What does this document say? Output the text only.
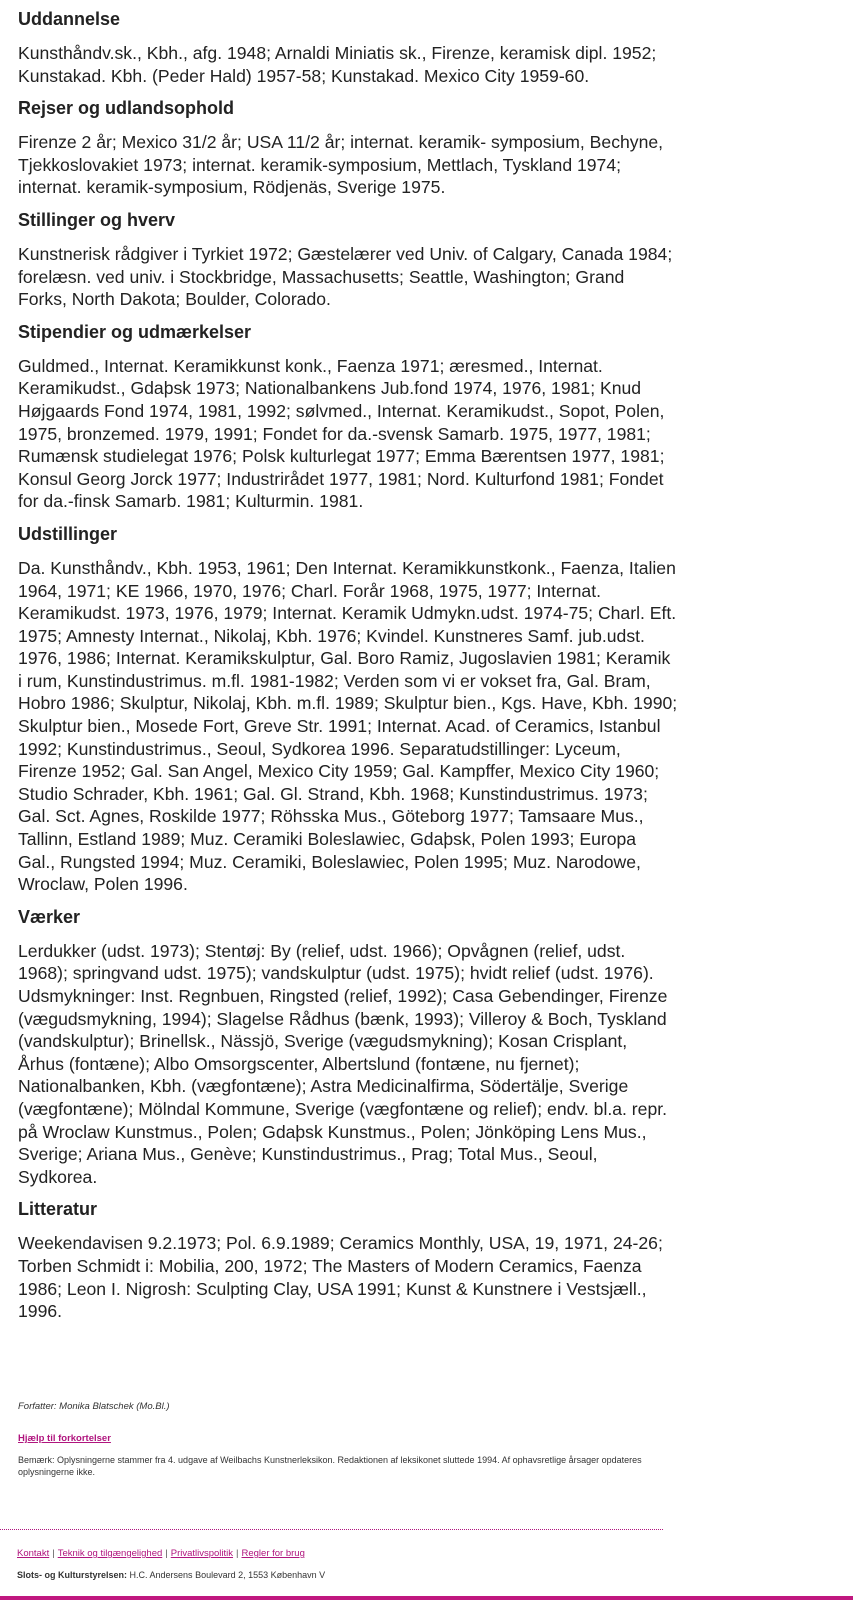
Uddannelse

Kunsthåndv.sk., Kbh., afg. 1948; Arnaldi Miniatis sk., Firenze, keramisk dipl. 1952; Kunstakad. Kbh. (Peder Hald) 1957-58; Kunstakad. Mexico City 1959-60.

Rejser og udlandsophold

Firenze 2 år; Mexico 31/2 år; USA 11/2 år; internat. keramik- symposium, Bechyne, Tjekkoslovakiet 1973; internat. keramik-symposium, Mettlach, Tyskland 1974; internat. keramik-symposium, Rödjenäs, Sverige 1975.

Stillinger og hverv

Kunstnerisk rådgiver i Tyrkiet 1972; Gæstelærer ved Univ. of Calgary, Canada 1984; forelæsn. ved univ. i Stockbridge, Massachusetts; Seattle, Washington; Grand Forks, North Dakota; Boulder, Colorado.

Stipendier og udmærkelser

Guldmed., Internat. Keramikkunst konk., Faenza 1971; æresmed., Internat. Keramikudst., Gdaþsk 1973; Nationalbankens Jub.fond 1974, 1976, 1981; Knud Højgaards Fond 1974, 1981, 1992; sølvmed., Internat. Keramikudst., Sopot, Polen, 1975, bronzemed. 1979, 1991; Fondet for da.-svensk Samarb. 1975, 1977, 1981; Rumænsk studielegat 1976; Polsk kulturlegat 1977; Emma Bærentsen 1977, 1981; Konsul Georg Jorck 1977; Industrirådet 1977, 1981; Nord. Kulturfond 1981; Fondet for da.-finsk Samarb. 1981; Kulturmin. 1981.

Udstillinger

Da. Kunsthåndv., Kbh. 1953, 1961; Den Internat. Keramikkunstkonk., Faenza, Italien 1964, 1971; KE 1966, 1970, 1976; Charl. Forår 1968, 1975, 1977; Internat. Keramikudst. 1973, 1976, 1979; Internat. Keramik Udmykn.udst. 1974-75; Charl. Eft. 1975; Amnesty Internat., Nikolaj, Kbh. 1976; Kvindel. Kunstneres Samf. jub.udst. 1976, 1986; Internat. Keramikskulptur, Gal. Boro Ramiz, Jugoslavien 1981; Keramik i rum, Kunstindustrimus. m.fl. 1981-1982; Verden som vi er vokset fra, Gal. Bram, Hobro 1986; Skulptur, Nikolaj, Kbh. m.fl. 1989; Skulptur bien., Kgs. Have, Kbh. 1990; Skulptur bien., Mosede Fort, Greve Str. 1991; Internat. Acad. of Ceramics, Istanbul 1992; Kunstindustrimus., Seoul, Sydkorea 1996. Separatudstillinger: Lyceum, Firenze 1952; Gal. San Angel, Mexico City 1959; Gal. Kampffer, Mexico City 1960; Studio Schrader, Kbh. 1961; Gal. Gl. Strand, Kbh. 1968; Kunstindustrimus. 1973; Gal. Sct. Agnes, Roskilde 1977; Röhsska Mus., Göteborg 1977; Tamsaare Mus., Tallinn, Estland 1989; Muz. Ceramiki Boleslawiec, Gdaþsk, Polen 1993; Europa Gal., Rungsted 1994; Muz. Ceramiki, Boleslawiec, Polen 1995; Muz. Narodowe, Wroclaw, Polen 1996.

Værker

Lerdukker (udst. 1973); Stentøj: By (relief, udst. 1966); Opvågnen (relief, udst. 1968); springvand udst. 1975); vandskulptur (udst. 1975); hvidt relief (udst. 1976). Udsmykninger: Inst. Regnbuen, Ringsted (relief, 1992); Casa Gebendinger, Firenze (vægudsmykning, 1994); Slagelse Rådhus (bænk, 1993); Villeroy & Boch, Tyskland (vandskulptur); Brinellsk., Nässjö, Sverige (vægudsmykning); Kosan Crisplant, Århus (fontæne); Albo Omsorgscenter, Albertslund (fontæne, nu fjernet); Nationalbanken, Kbh. (vægfontæne); Astra Medicinalfirma, Södertälje, Sverige (vægfontæne); Mölndal Kommune, Sverige (vægfontæne og relief); endv. bl.a. repr. på Wroclaw Kunstmus., Polen; Gdaþsk Kunstmus., Polen; Jönköping Lens Mus., Sverige; Ariana Mus., Genève; Kunstindustrimus., Prag; Total Mus., Seoul, Sydkorea.

Litteratur

Weekendavisen 9.2.1973; Pol. 6.9.1989; Ceramics Monthly, USA, 19, 1971, 24-26; Torben Schmidt i: Mobilia, 200, 1972; The Masters of Modern Ceramics, Faenza 1986; Leon I. Nigrosh: Sculpting Clay, USA 1991; Kunst & Kunstnere i Vestsjæll., 1996.

Forfatter: Monika Blatschek (Mo.Bl.)
Hjælp til forkortelser
Bemærk: Oplysningerne stammer fra 4. udgave af Weilbachs Kunstnerleksikon. Redaktionen af leksikonet sluttede 1994. Af ophavsretlige årsager opdateres oplysningerne ikke.
Kontakt | Teknik og tilgængelighed | Privatlivspolitik | Regler for brug
Slots- og Kulturstyrelsen: H.C. Andersens Boulevard 2, 1553 København V
